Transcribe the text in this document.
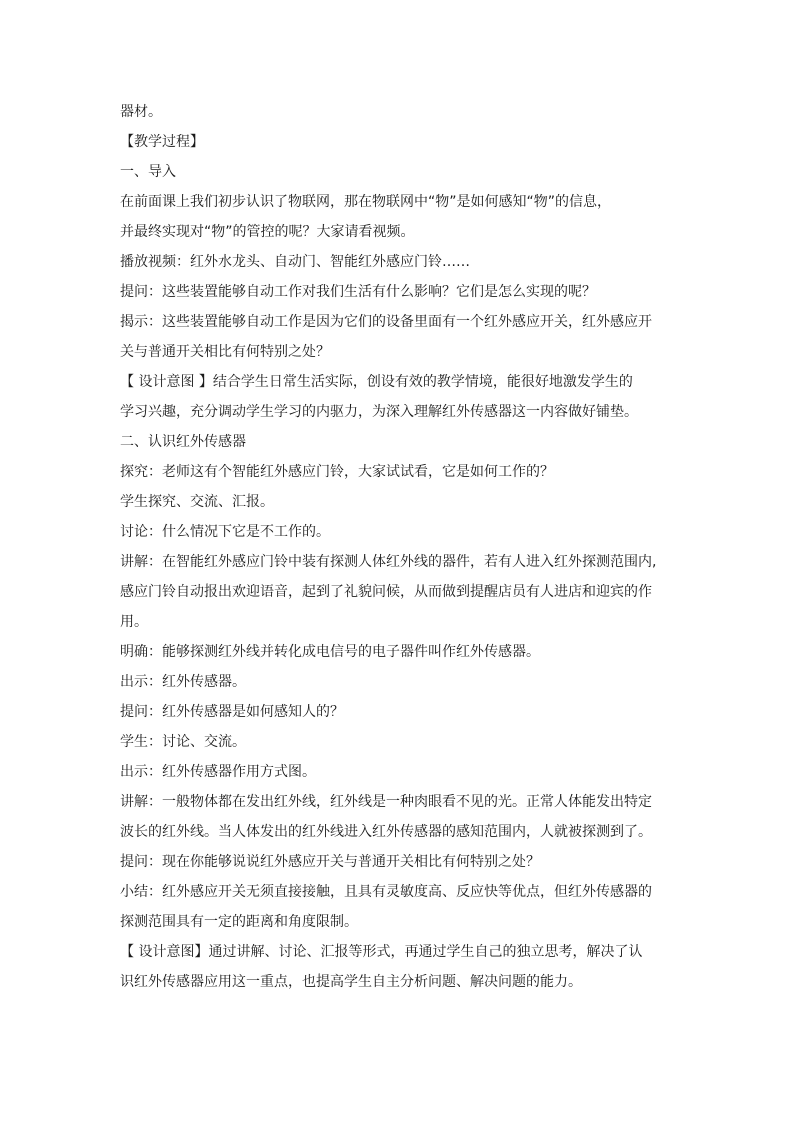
器材。
【教学过程】
一、导入
在前面课上我们初步认识了物联网，那在物联网中“物”是如何感知“物”的信息，
并最终实现对“物”的管控的呢？大家请看视频。
播放视频：红外水龙头、自动门、智能红外感应门铃……
提问：这些装置能够自动工作对我们生活有什么影响？它们是怎么实现的呢？
揭示：这些装置能够自动工作是因为它们的设备里面有一个红外感应开关，红外感应开
关与普通开关相比有何特别之处？
【 设计意图 】结合学生日常生活实际，创设有效的教学情境，能很好地激发学生的
学习兴趣，充分调动学生学习的内驱力，为深入理解红外传感器这一内容做好铺垫。
二、认识红外传感器
探究：老师这有个智能红外感应门铃，大家试试看，它是如何工作的？
学生探究、交流、汇报。
讨论：什么情况下它是不工作的。
讲解：在智能红外感应门铃中装有探测人体红外线的器件，若有人进入红外探测范围内,
感应门铃自动报出欢迎语音，起到了礼貌问候，从而做到提醒店员有人进店和迎宾的作
用。
明确：能够探测红外线并转化成电信号的电子器件叫作红外传感器。
出示：红外传感器。
提问：红外传感器是如何感知人的？
学生：讨论、交流。
出示：红外传感器作用方式图。
讲解：一般物体都在发出红外线，红外线是一种肉眼看不见的光。正常人体能发出特定
波长的红外线。当人体发出的红外线进入红外传感器的感知范围内，人就被探测到了。
提问：现在你能够说说红外感应开关与普通开关相比有何特别之处？
小结：红外感应开关无须直接接触，且具有灵敏度高、反应快等优点，但红外传感器的
探测范围具有一定的距离和角度限制。
【 设计意图】通过讲解、讨论、汇报等形式，再通过学生自己的独立思考，解决了认
识红外传感器应用这一重点，也提高学生自主分析问题、解决问题的能力。
